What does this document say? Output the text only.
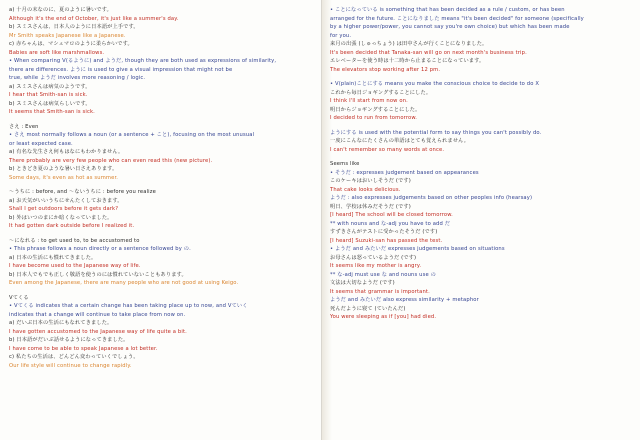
a) 十月の末なのに、夏のように暑いです。
Although it's the end of October, it's just like a summer's day.
b) スミスさんは、日本人のように日本語が上手です。
Mr Smith speaks Japanese like a Japanese.
c) 赤ちゃんは、マシュマロのように柔らかいです。
Babies are soft like marshmallows.
• When comparing V(るように) and ようだ, though they are both used as expressions of similarity,
there are differences. ように is used to give a visual impression that might not be
true, while ようだ involves more reasoning / logic.
a) スミスさんは病気のようです。
I hear that Smith-san is sick.
b) スミスさんは病気らしいです。
It seems that Smith-san is sick.
さえ : Even
• さえ most normally follows a noun (or a sentence + こと), focusing on the most unusual
or least expected case.
a) 有名な先生さえ何もはなにもわかりません。
There probably are very few people who can even read this (new picture).
b) ときどき夏のような暑い日さえあります。
Some days, it's even as hot as summer.
〜うちに : before, and 〜ないうちに : before you realize
a) お天気がいいうちにせんたくしておきます。
Shall I get outdoors before it gets dark?
b) 外はいつのまにか暗くなっていました。
It had gotten dark outside before I realized it.
〜になれる : to get used to, to be accustomed to
• This phrase follows a noun directly or a sentence followed by の.
a) 日本の生活にも慣れてきました。
I have become used to the Japanese way of life.
b) 日本人でもでも正しく敬語を使うのには慣れていないこともあります。
Even among the Japanese, there are many people who are not good at using Keigo.
Vてくる
• Vてくる indicates that a certain change has been taking place up to now, and Vていく
indicates that a change will continue to take place from now on.
a) だいぶ日本の生活にもなれてきました。
I have gotten accustomed to the Japanese way of life quite a bit.
b) 日本語がだいぶ話せるようになってきました。
I have come to be able to speak Japanese a lot better.
c) 私たちの生活は、どんどん変わっていくでしょう。
Our life style will continue to change rapidly.
• ことになっている is something that has been decided as a rule / custom, or has been
arranged for the future. ことになりました means "it's been decided" for someone (specifically
by a higher power/power, you cannot say you're own choice) but which has been made
for you.
来月の出張 (しゅっちょう) は田中さんが行くことになりました。
It's been decided that Tanaka-san will go on next month's business trip.
エレベーターを使う時は十二時から止まることになっています。
The elevators stop working after 12 pm.
• V(plain)ことにする means you make the conscious choice to decide to do X
これから毎日ジョギングすることにした。
I think I'll start from now on.
明日からジョギングすることにした。
I decided to run from tomorrow.
ようにする is used with the potential form to say things you can't possibly do.
一度にこんなにたくさんの単語はとても覚えられません。
I can't remember so many words at once.
Seems like
• そうだ : expresses judgement based on appearances
このケーキはおいしそうだ (です)
That cake looks delicious.
ようだ : also expresses judgements based on other peoples info (hearsay)
明日、学校は休みだそうだ (です)
[I heard] The school will be closed tomorrow.
** with nouns and な-adj you have to add だ
すずきさんがテストに受かったそうだ (です)
[I heard] Suzuki-san has passed the test.
• ようだ and みたいだ expresses judgements based on situations
お母さんは怒っているようだ (です)
It seems like my mother is angry.
** な-adj must use な and nouns use の
文法は大切なようだ (です)
It seems that grammar is important.
ようだ and みたいだ also express similarity + metaphor
死んだように寝て (ていたんだ)
You were sleeping as if [you] had died.
